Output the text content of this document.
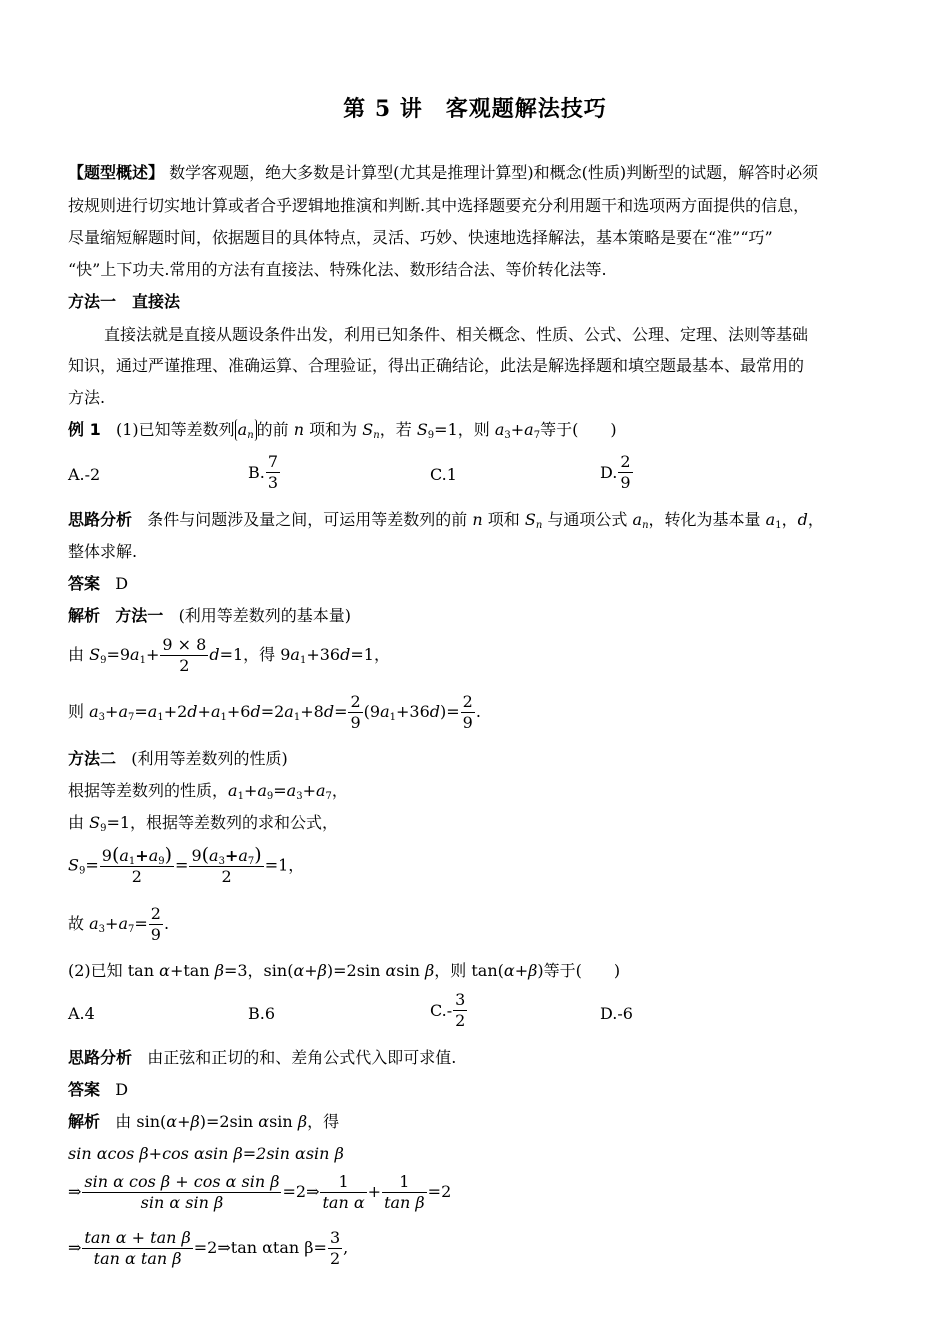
第 5 讲　客观题解法技巧
【题型概述】 数学客观题，绝大多数是计算型(尤其是推理计算型)和概念(性质)判断型的试题，解答时必须
按规则进行切实地计算或者合乎逻辑地推演和判断.其中选择题要充分利用题干和选项两方面提供的信息，
尽量缩短解题时间，依据题目的具体特点，灵活、巧妙、快速地选择解法，基本策略是要在“准”“巧”
“快”上下功夫.常用的方法有直接法、特殊化法、数形结合法、等价转化法等.
方法一　直接法
直接法就是直接从题设条件出发，利用已知条件、相关概念、性质、公式、公理、定理、法则等基础
知识，通过严谨推理、准确运算、合理验证，得出正确结论，此法是解选择题和填空题最基本、最常用的
方法.
例 1 (1)已知等差数列 $a_n$ 的前 n 项和为 $S_n$，若 $S_9=1$，则 $a_3+a_7$等于(　　)
A.-2	B. $\frac{7}{3}$	C.1	D. $\frac{2}{9}$
思路分析 条件与问题涉及量之间，可运用等差数列的前 n 项和 $S_n$ 与通项公式 $a_n$，转化为基本量 $a_1$，d，
整体求解.
答案 D
解析 方法一 (利用等差数列的基本量)
由 $S_9=9a_1+ \frac{9 \times 8}{2} d=1$，得 $9a_1+36d=1$，
则 $a_3+a_7=a_1+2d+a_1+6d=2a_1+8d= \frac{2}{9} (9a_1+36d)= \frac{2}{9}$ .
方法二 (利用等差数列的性质)
根据等差数列的性质，$a_1+a_9=a_3+a_7$，
由 $S_9=1$，根据等差数列的求和公式，
$S_9= \frac{9(a_1+a_9)}{2} = \frac{9(a_3+a_7)}{2} =1$，
故 $a_3+a_7= \frac{2}{9}$ .
(2)已知 tan α+tan β=3，sin(α+β)=2sin αsin β，则 tan(α+β)等于(　　)
A.4	B.6	$C.- \frac{3}{2}$	D.-6
思路分析 由正弦和正切的和、差角公式代入即可求值.
答案 D
解析 由 sin(α+β)=2sin αsin β，得
sin αcos β+cos αsin β=2sin αsin β
⇒ $\frac{\text{sin α cos β + cos α sin β}}{\text{sin α sin β}}$ =2⇒ $\frac{1}{\text{tan α}} + \frac{1}{\text{tan β}} =2$
⇒ $\frac{\text{tan α + tan β}}{\text{tan α tan β}}$ =2⇒tan αtan $\beta= \frac{3}{2}$ ,
